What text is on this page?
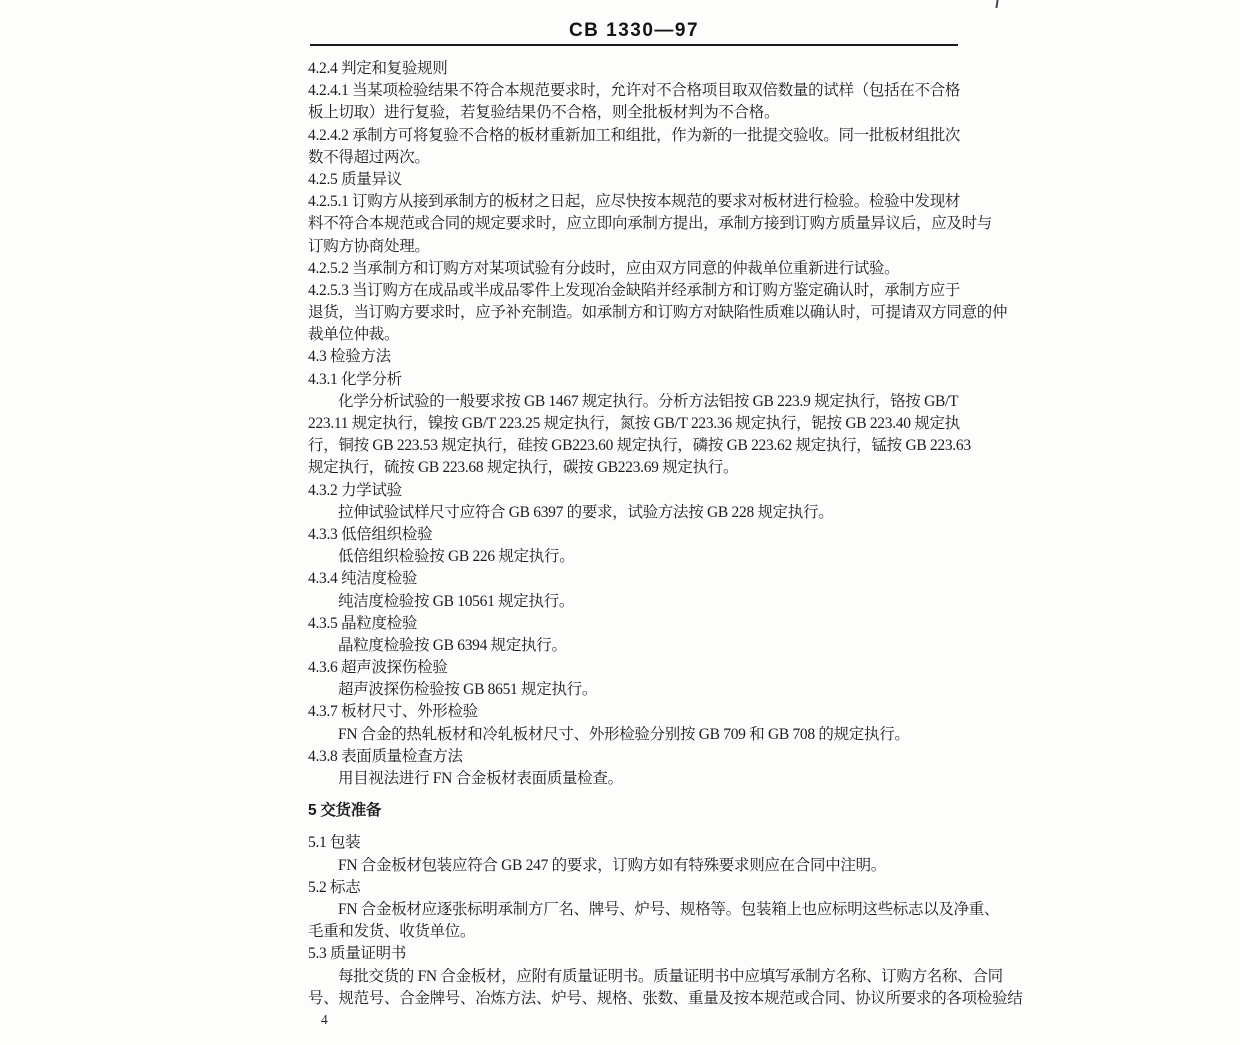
CB 1330—97
4.2.4 判定和复验规则
4.2.4.1 当某项检验结果不符合本规范要求时，允许对不合格项目取双倍数量的试样（包括在不合格
板上切取）进行复验，若复验结果仍不合格，则全批板材判为不合格。
4.2.4.2 承制方可将复验不合格的板材重新加工和组批，作为新的一批提交验收。同一批板材组批次
数不得超过两次。
4.2.5 质量异议
4.2.5.1 订购方从接到承制方的板材之日起，应尽快按本规范的要求对板材进行检验。检验中发现材
料不符合本规范或合同的规定要求时，应立即向承制方提出，承制方接到订购方质量异议后，应及时与
订购方协商处理。
4.2.5.2 当承制方和订购方对某项试验有分歧时，应由双方同意的仲裁单位重新进行试验。
4.2.5.3 当订购方在成品或半成品零件上发现冶金缺陷并经承制方和订购方鉴定确认时，承制方应于
退货，当订购方要求时，应予补充制造。如承制方和订购方对缺陷性质难以确认时，可提请双方同意的仲
裁单位仲裁。
4.3 检验方法
4.3.1 化学分析
化学分析试验的一般要求按 GB 1467 规定执行。分析方法铝按 GB 223.9 规定执行，铬按 GB/T
223.11 规定执行，镍按 GB/T 223.25 规定执行，氮按 GB/T 223.36 规定执行，铌按 GB 223.40 规定执
行，铜按 GB 223.53 规定执行，硅按 GB223.60 规定执行，磷按 GB 223.62 规定执行，锰按 GB 223.63
规定执行，硫按 GB 223.68 规定执行，碳按 GB223.69 规定执行。
4.3.2 力学试验
拉伸试验试样尺寸应符合 GB 6397 的要求，试验方法按 GB 228 规定执行。
4.3.3 低倍组织检验
低倍组织检验按 GB 226 规定执行。
4.3.4 纯洁度检验
纯洁度检验按 GB 10561 规定执行。
4.3.5 晶粒度检验
晶粒度检验按 GB 6394 规定执行。
4.3.6 超声波探伤检验
超声波探伤检验按 GB 8651 规定执行。
4.3.7 板材尺寸、外形检验
FN 合金的热轧板材和冷轧板材尺寸、外形检验分别按 GB 709 和 GB 708 的规定执行。
4.3.8 表面质量检查方法
用目视法进行 FN 合金板材表面质量检查。
5 交货准备
5.1 包装
FN 合金板材包装应符合 GB 247 的要求，订购方如有特殊要求则应在合同中注明。
5.2 标志
FN 合金板材应逐张标明承制方厂名、牌号、炉号、规格等。包装箱上也应标明这些标志以及净重、
毛重和发货、收货单位。
5.3 质量证明书
每批交货的 FN 合金板材，应附有质量证明书。质量证明书中应填写承制方名称、订购方名称、合同
号、规范号、合金牌号、冶炼方法、炉号、规格、张数、重量及按本规范或合同、协议所要求的各项检验结
4
